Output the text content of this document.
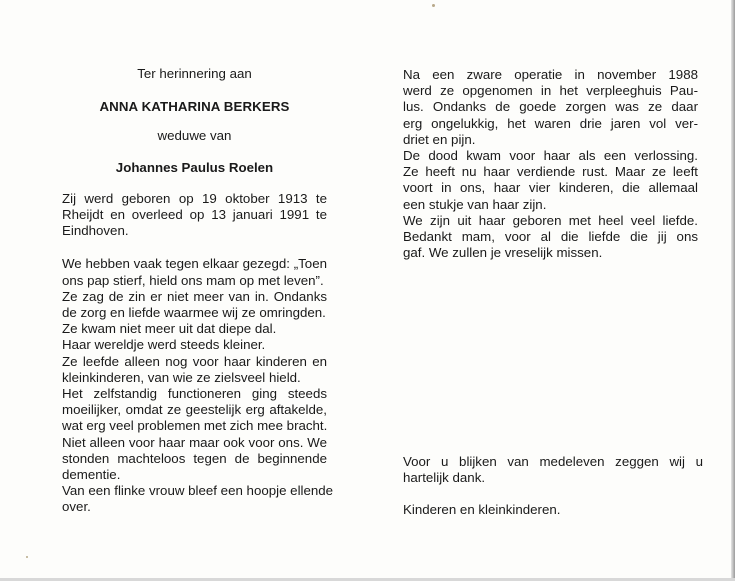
Ter herinnering aan
ANNA KATHARINA BERKERS
weduwe van
Johannes Paulus Roelen
Zij werd geboren op 19 oktober 1913 te
Rheijdt en overleed op 13 januari 1991 te
Eindhoven.
We hebben vaak tegen elkaar gezegd: „Toen
ons pap stierf, hield ons mam op met leven”.
Ze zag de zin er niet meer van in. Ondanks
de zorg en liefde waarmee wij ze omringden.
Ze kwam niet meer uit dat diepe dal.
Haar wereldje werd steeds kleiner.
Ze leefde alleen nog voor haar kinderen en
kleinkinderen, van wie ze zielsveel hield.
Het zelfstandig functioneren ging steeds
moeilijker, omdat ze geestelijk erg aftakelde,
wat erg veel problemen met zich mee bracht.
Niet alleen voor haar maar ook voor ons. We
stonden machteloos tegen de beginnende
dementie.
Van een flinke vrouw bleef een hoopje ellende
over.
Na een zware operatie in november 1988
werd ze opgenomen in het verpleeghuis Pau-
lus. Ondanks de goede zorgen was ze daar
erg ongelukkig, het waren drie jaren vol ver-
driet en pijn.
De dood kwam voor haar als een verlossing.
Ze heeft nu haar verdiende rust. Maar ze leeft
voort in ons, haar vier kinderen, die allemaal
een stukje van haar zijn.
We zijn uit haar geboren met heel veel liefde.
Bedankt mam, voor al die liefde die jij ons
gaf. We zullen je vreselijk missen.
Voor u blijken van medeleven zeggen wij u
hartelijk dank.
Kinderen en kleinkinderen.
